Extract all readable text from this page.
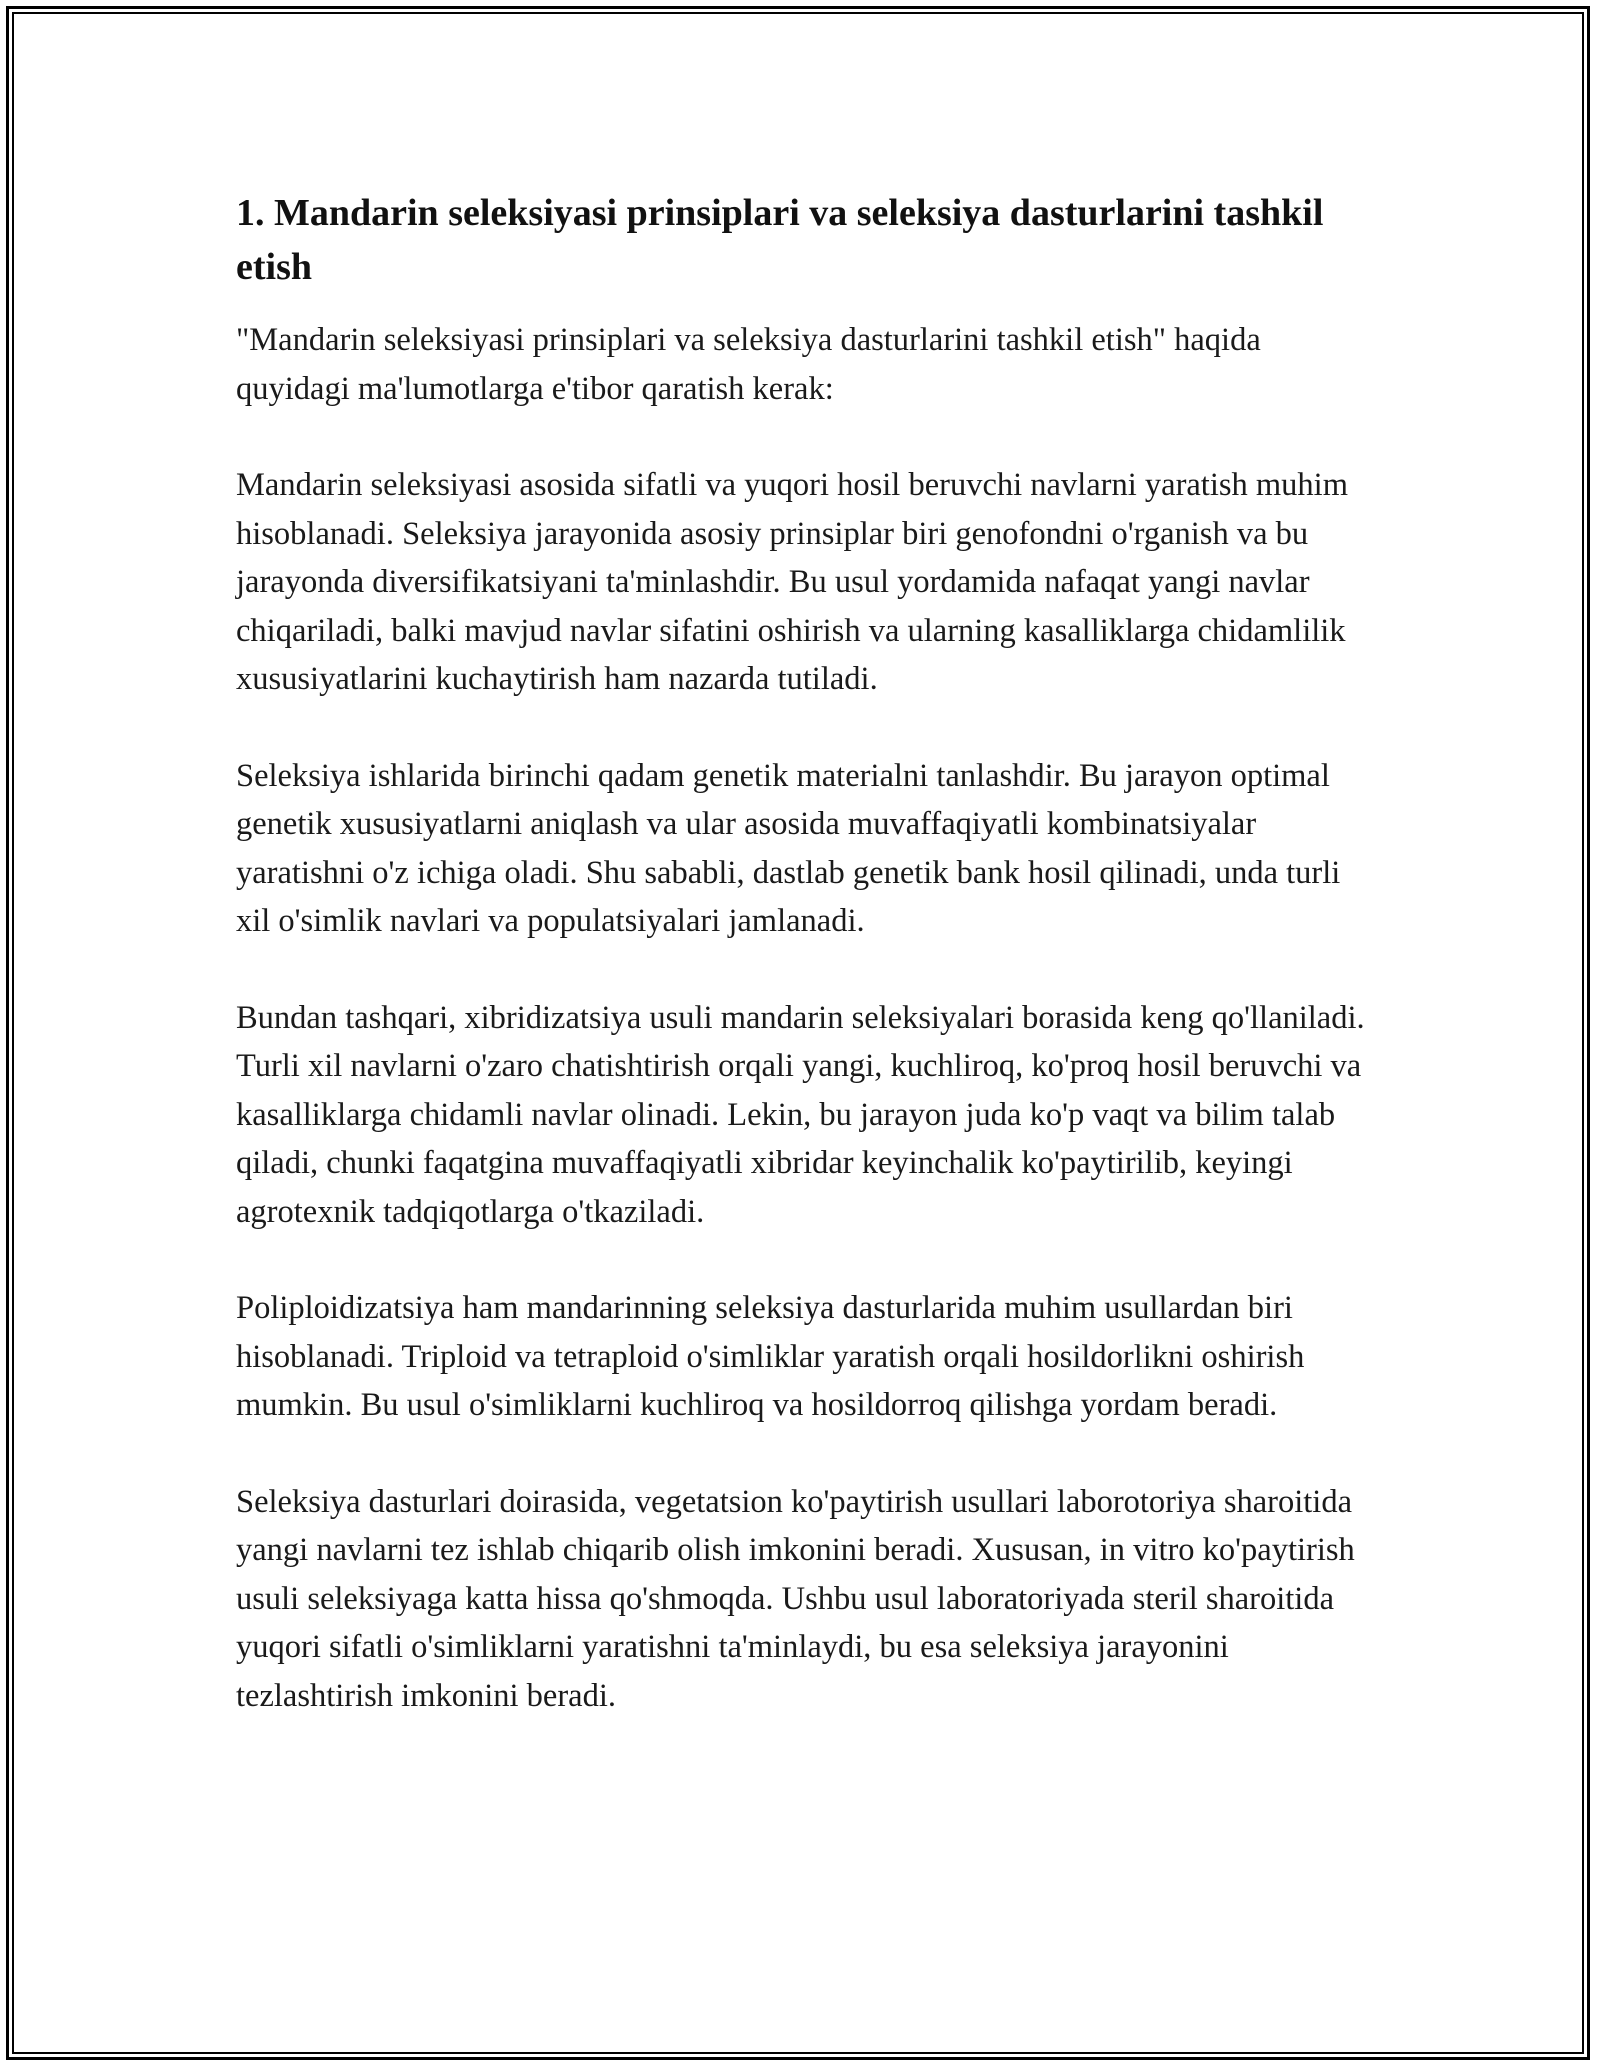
1. Mandarin seleksiyasi prinsiplari va seleksiya dasturlarini tashkil etish

"Mandarin seleksiyasi prinsiplari va seleksiya dasturlarini tashkil etish" haqida quyidagi ma'lumotlarga e'tibor qaratish kerak:

Mandarin seleksiyasi asosida sifatli va yuqori hosil beruvchi navlarni yaratish muhim hisoblanadi. Seleksiya jarayonida asosiy prinsiplar biri genofondni o'rganish va bu jarayonda diversifikatsiyani ta'minlashdir. Bu usul yordamida nafaqat yangi navlar chiqariladi, balki mavjud navlar sifatini oshirish va ularning kasalliklarga chidamlilik xususiyatlarini kuchaytirish ham nazarda tutiladi.

Seleksiya ishlarida birinchi qadam genetik materialni tanlashdir. Bu jarayon optimal genetik xususiyatlarni aniqlash va ular asosida muvaffaqiyatli kombinatsiyalar yaratishni o'z ichiga oladi. Shu sababli, dastlab genetik bank hosil qilinadi, unda turli xil o'simlik navlari va populatsiyalari jamlanadi.

Bundan tashqari, xibridizatsiya usuli mandarin seleksiyalari borasida keng qo'llaniladi. Turli xil navlarni o'zaro chatishtirish orqali yangi, kuchliroq, ko'proq hosil beruvchi va kasalliklarga chidamli navlar olinadi. Lekin, bu jarayon juda ko'p vaqt va bilim talab qiladi, chunki faqatgina muvaffaqiyatli xibridar keyinchalik ko'paytirilib, keyingi agrotexnik tadqiqotlarga o'tkaziladi.

Poliploidizatsiya ham mandarinning seleksiya dasturlarida muhim usullardan biri hisoblanadi. Triploid va tetraploid o'simliklar yaratish orqali hosildorlikni oshirish mumkin. Bu usul o'simliklarni kuchliroq va hosildorroq qilishga yordam beradi.

Seleksiya dasturlari doirasida, vegetatsion ko'paytirish usullari laborotoriya sharoitida yangi navlarni tez ishlab chiqarib olish imkonini beradi. Xususan, in vitro ko'paytirish usuli seleksiyaga katta hissa qo'shmoqda. Ushbu usul laboratoriyada steril sharoitida yuqori sifatli o'simliklarni yaratishni ta'minlaydi, bu esa seleksiya jarayonini tezlashtirish imkonini beradi.
